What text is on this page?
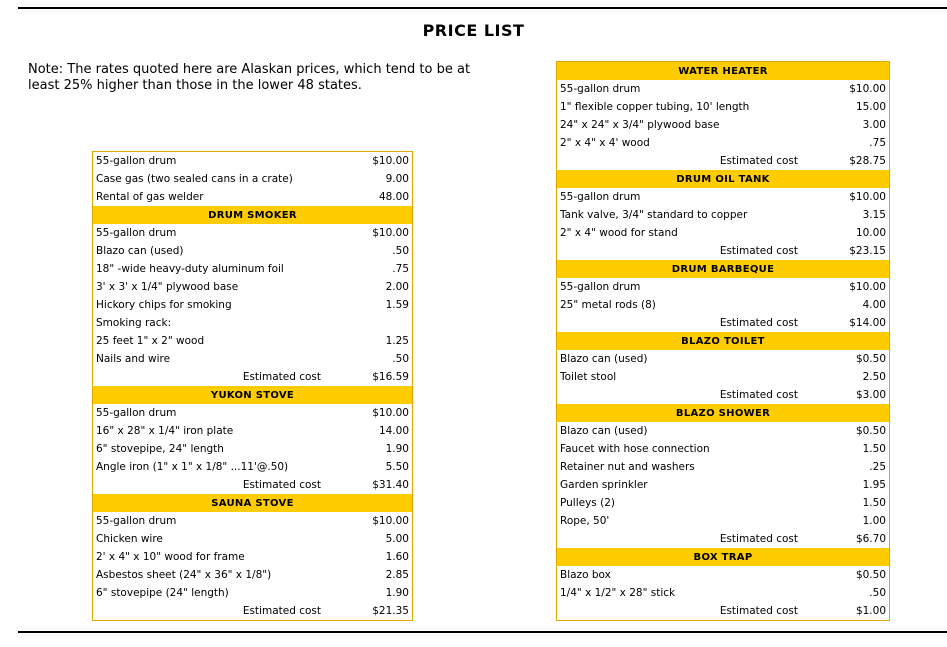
PRICE LIST
Note: The rates quoted here are Alaskan prices, which tend to be at least 25% higher than those in the lower 48 states.
55-gallon drum	$10.00
Case gas (two sealed cans in a crate)	9.00
Rental of gas welder	48.00
DRUM SMOKER
55-gallon drum	$10.00
Blazo can (used)	.50
18" -wide heavy-duty aluminum foil	.75
3' x 3' x 1/4" plywood base	2.00
Hickory chips for smoking	1.59
Smoking rack:
25 feet 1" x 2" wood	1.25
Nails and wire	.50
Estimated cost	$16.59
YUKON STOVE
55-gallon drum	$10.00
16" x 28" x 1/4" iron plate	14.00
6" stovepipe, 24" length	1.90
Angle iron (1" x 1" x 1/8" ...11'@.50)	5.50
Estimated cost	$31.40
SAUNA STOVE
55-gallon drum	$10.00
Chicken wire	5.00
2' x 4" x 10" wood for frame	1.60
Asbestos sheet (24" x 36" x 1/8")	2.85
6" stovepipe (24" length)	1.90
Estimated cost	$21.35
WATER HEATER
55-gallon drum	$10.00
1" flexible copper tubing, 10' length	15.00
24" x 24" x 3/4" plywood base	3.00
2" x 4" x 4' wood	.75
Estimated cost	$28.75
DRUM OIL TANK
55-gallon drum	$10.00
Tank valve, 3/4" standard to copper	3.15
2" x 4" wood for stand	10.00
Estimated cost	$23.15
DRUM BARBEQUE
55-gallon drum	$10.00
25" metal rods (8)	4.00
Estimated cost	$14.00
BLAZO TOILET
Blazo can (used)	$0.50
Toilet stool	2.50
Estimated cost	$3.00
BLAZO SHOWER
Blazo can (used)	$0.50
Faucet with hose connection	1.50
Retainer nut and washers	.25
Garden sprinkler	1.95
Pulleys (2)	1.50
Rope, 50'	1.00
Estimated cost	$6.70
BOX TRAP
Blazo box	$0.50
1/4" x 1/2" x 28" stick	.50
Estimated cost	$1.00
